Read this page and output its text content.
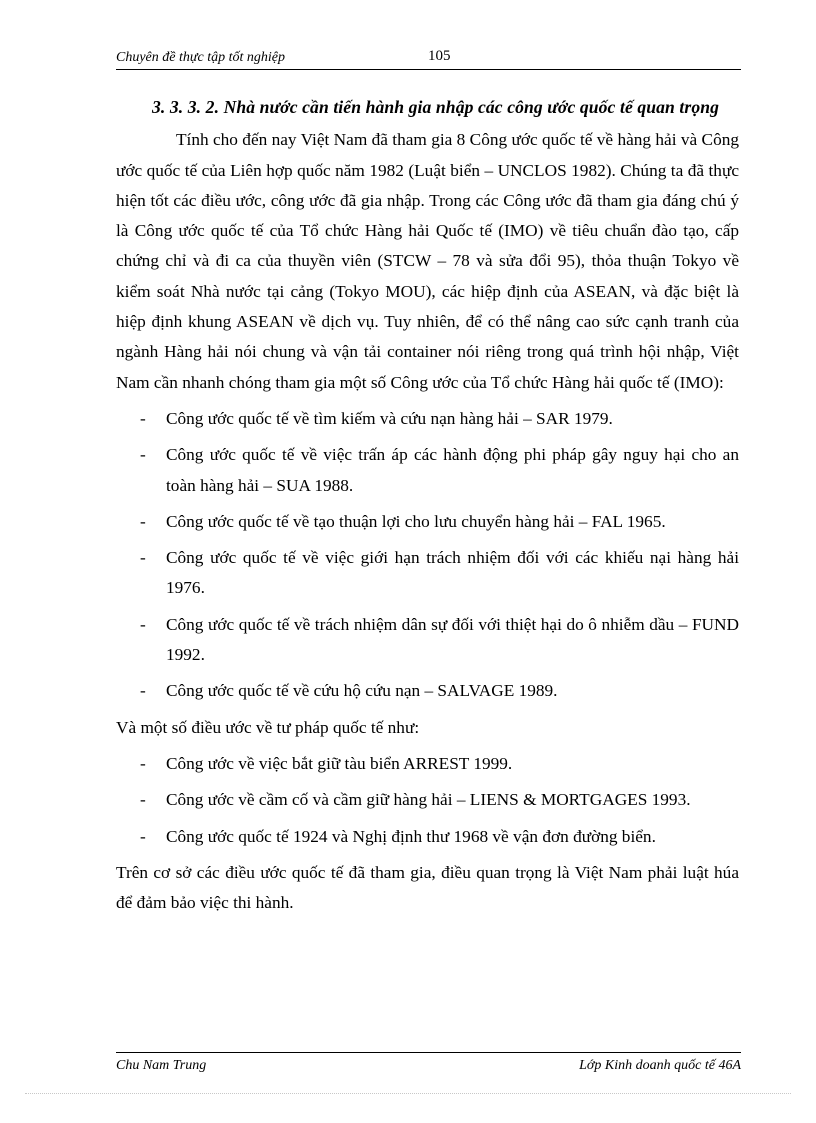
Chuyên đề thực tập tốt nghiệp	105

3. 3. 3. 2. Nhà nước cần tiến hành gia nhập các công ước quốc tế quan trọng

Tính cho đến nay Việt Nam đã tham gia 8 Công ước quốc tế về hàng hải và Công ước quốc tế của Liên hợp quốc năm 1982 (Luật biển – UNCLOS 1982). Chúng ta đã thực hiện tốt các điều ước, công ước đã gia nhập. Trong các Công ước đã tham gia đáng chú ý là Công ước quốc tế của Tổ chức Hàng hải Quốc tế (IMO) về tiêu chuẩn đào tạo, cấp chứng chỉ và đi ca của thuyền viên (STCW – 78 và sửa đổi 95), thỏa thuận Tokyo về kiểm soát Nhà nước tại cảng (Tokyo MOU), các hiệp định của ASEAN, và đặc biệt là hiệp định khung ASEAN về dịch vụ. Tuy nhiên, để có thể nâng cao sức cạnh tranh của ngành Hàng hải nói chung và vận tải container nói riêng trong quá trình hội nhập, Việt Nam cần nhanh chóng tham gia một số Công ước của Tổ chức Hàng hải quốc tế (IMO):

- Công ước quốc tế về tìm kiếm và cứu nạn hàng hải – SAR 1979.
- Công ước quốc tế về việc trấn áp các hành động phi pháp gây nguy hại cho an toàn hàng hải – SUA 1988.
- Công ước quốc tế về tạo thuận lợi cho lưu chuyển hàng hải – FAL 1965.
- Công ước quốc tế về việc giới hạn trách nhiệm đối với các khiếu nại hàng hải 1976.
- Công ước quốc tế về trách nhiệm dân sự đối với thiệt hại do ô nhiễm dầu – FUND 1992.
- Công ước quốc tế về cứu hộ cứu nạn – SALVAGE 1989.

Và một số điều ước về tư pháp quốc tế như:

- Công ước về việc bắt giữ tàu biển ARREST 1999.
- Công ước về cầm cố và cầm giữ hàng hải – LIENS & MORTGAGES 1993.
- Công ước quốc tế 1924 và Nghị định thư 1968 về vận đơn đường biển.

Trên cơ sở các điều ước quốc tế đã tham gia, điều quan trọng là Việt Nam phải luật húa để đảm bảo việc thi hành.

Chu Nam Trung	Lớp Kinh doanh quốc tế 46A
